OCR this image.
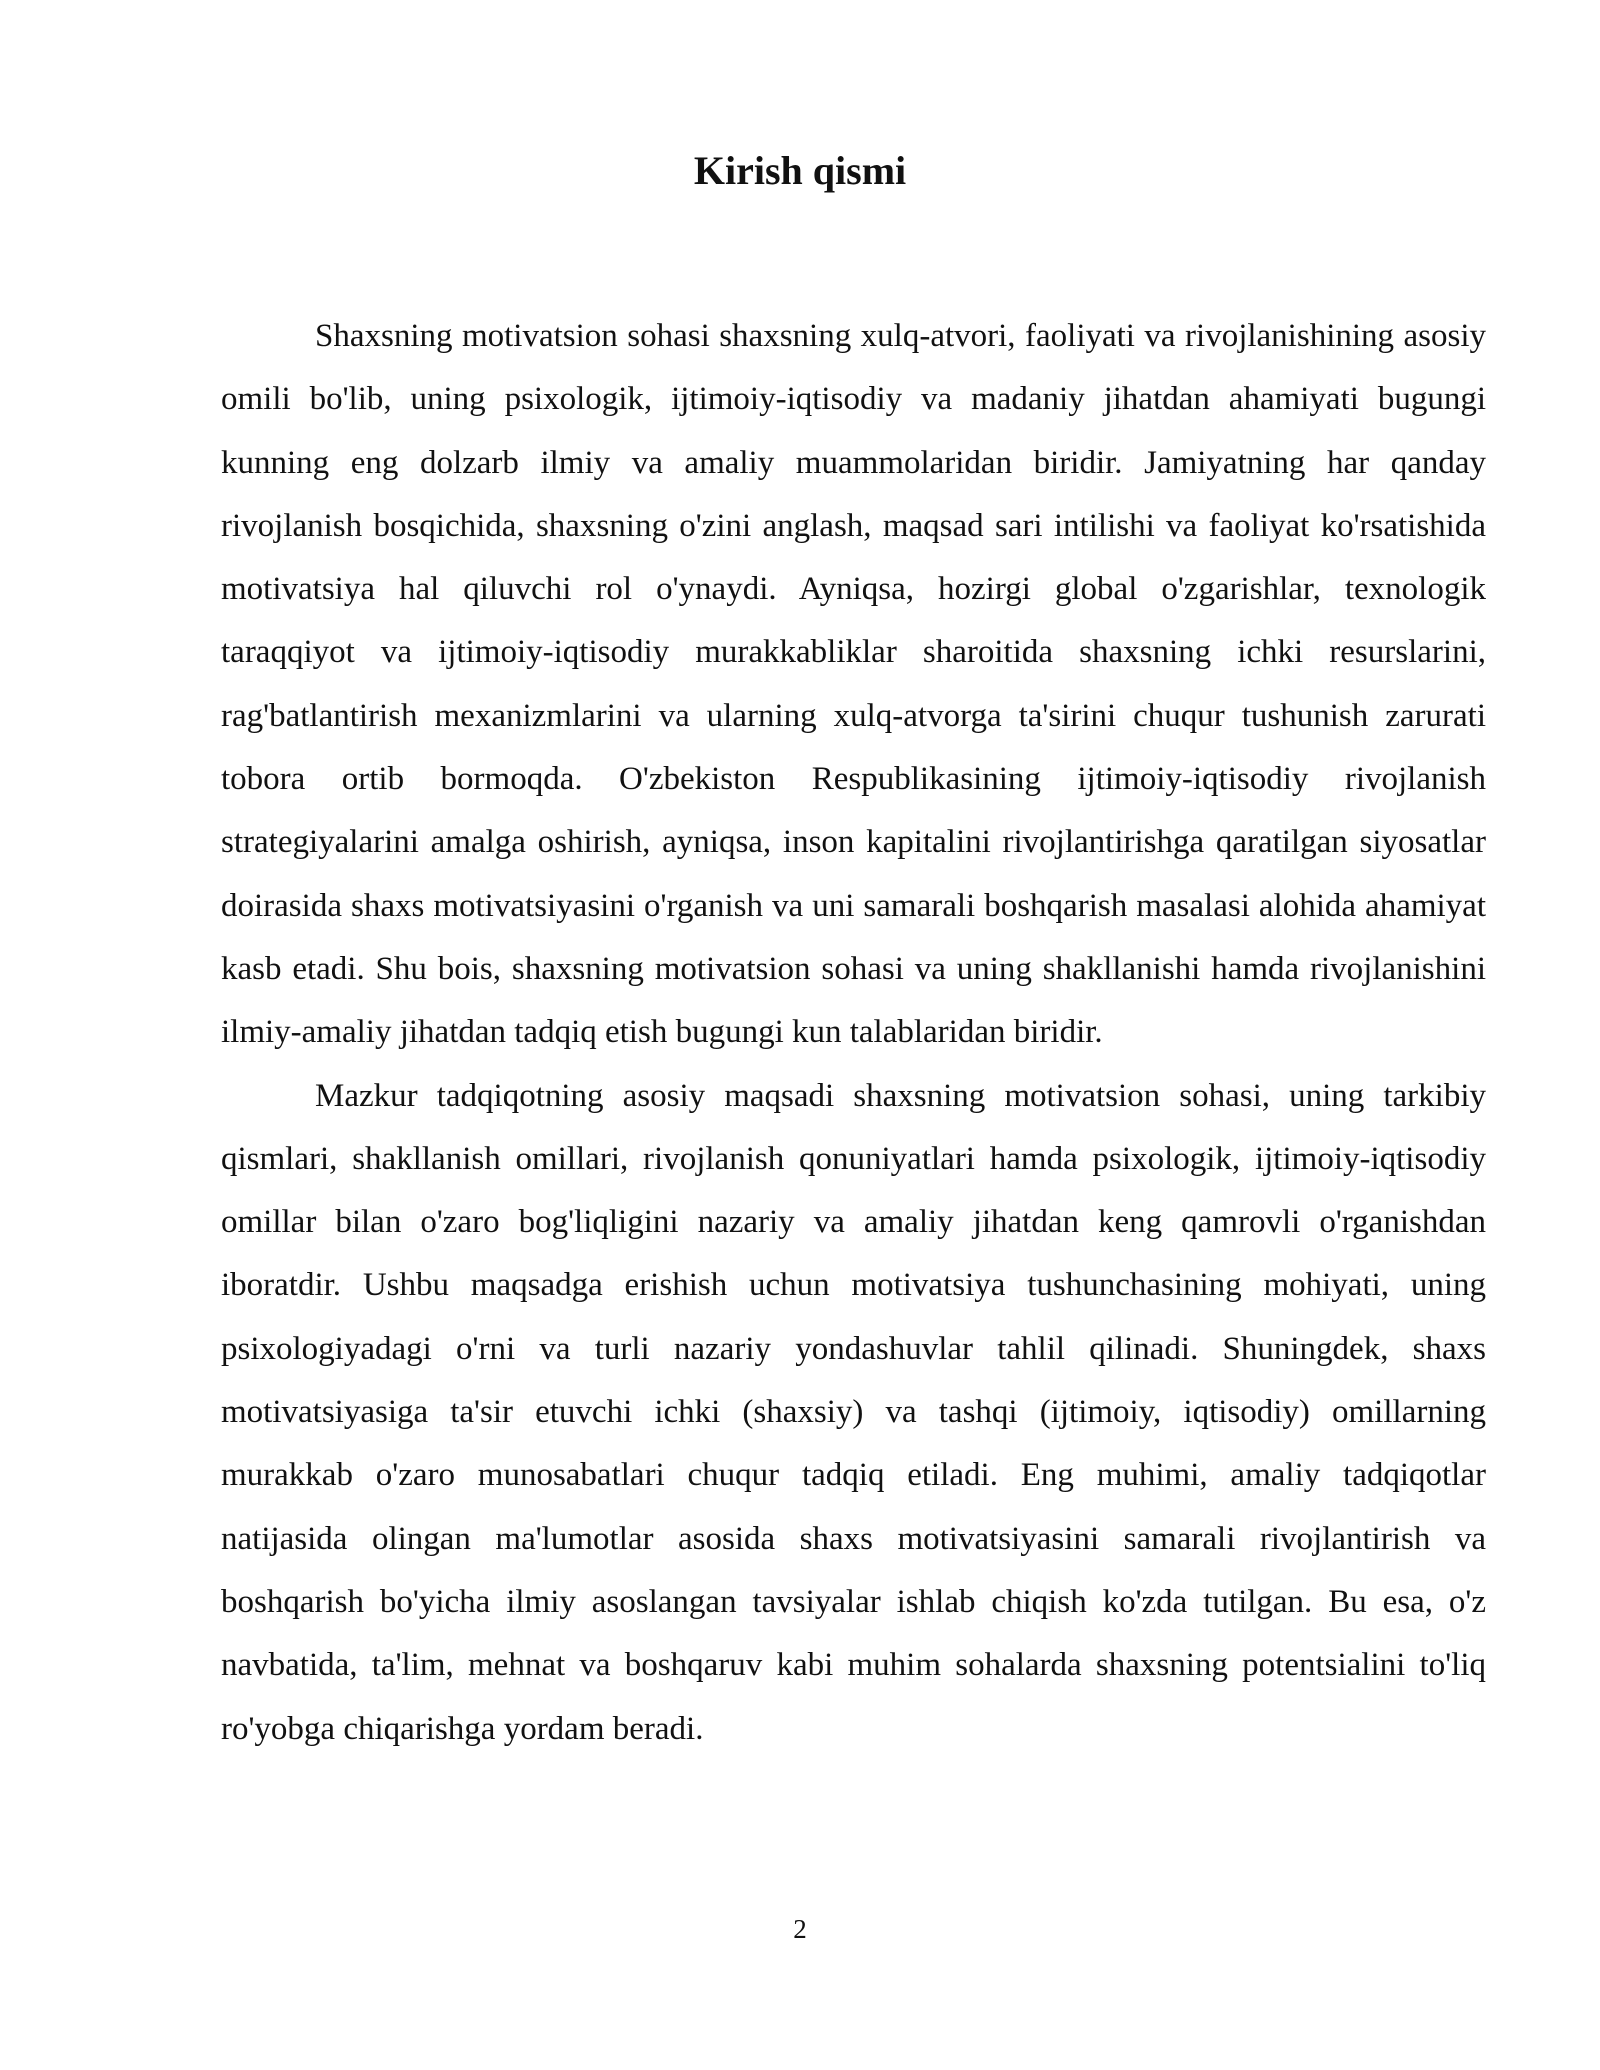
Kirish qismi

Shaxsning motivatsion sohasi shaxsning xulq-atvori, faoliyati va rivojlanishining asosiy omili bo'lib, uning psixologik, ijtimoiy-iqtisodiy va madaniy jihatdan ahamiyati bugungi kunning eng dolzarb ilmiy va amaliy muammolaridan biridir. Jamiyatning har qanday rivojlanish bosqichida, shaxsning o'zini anglash, maqsad sari intilishi va faoliyat ko'rsatishida motivatsiya hal qiluvchi rol o'ynaydi. Ayniqsa, hozirgi global o'zgarishlar, texnologik taraqqiyot va ijtimoiy-iqtisodiy murakkabliklar sharoitida shaxsning ichki resurslarini, rag'batlantirish mexanizmlarini va ularning xulq-atvorga ta'sirini chuqur tushunish zarurati tobora ortib bormoqda. O'zbekiston Respublikasining ijtimoiy-iqtisodiy rivojlanish strategiyalarini amalga oshirish, ayniqsa, inson kapitalini rivojlantirishga qaratilgan siyosatlar doirasida shaxs motivatsiyasini o'rganish va uni samarali boshqarish masalasi alohida ahamiyat kasb etadi. Shu bois, shaxsning motivatsion sohasi va uning shakllanishi hamda rivojlanishini ilmiy-amaliy jihatdan tadqiq etish bugungi kun talablaridan biridir.

Mazkur tadqiqotning asosiy maqsadi shaxsning motivatsion sohasi, uning tarkibiy qismlari, shakllanish omillari, rivojlanish qonuniyatlari hamda psixologik, ijtimoiy-iqtisodiy omillar bilan o'zaro bog'liqligini nazariy va amaliy jihatdan keng qamrovli o'rganishdan iboratdir. Ushbu maqsadga erishish uchun motivatsiya tushunchasining mohiyati, uning psixologiyadagi o'rni va turli nazariy yondashuvlar tahlil qilinadi. Shuningdek, shaxs motivatsiyasiga ta'sir etuvchi ichki (shaxsiy) va tashqi (ijtimoiy, iqtisodiy) omillarning murakkab o'zaro munosabatlari chuqur tadqiq etiladi. Eng muhimi, amaliy tadqiqotlar natijasida olingan ma'lumotlar asosida shaxs motivatsiyasini samarali rivojlantirish va boshqarish bo'yicha ilmiy asoslangan tavsiyalar ishlab chiqish ko'zda tutilgan. Bu esa, o'z navbatida, ta'lim, mehnat va boshqaruv kabi muhim sohalarda shaxsning potentsialini to'liq ro'yobga chiqarishga yordam beradi.

2
